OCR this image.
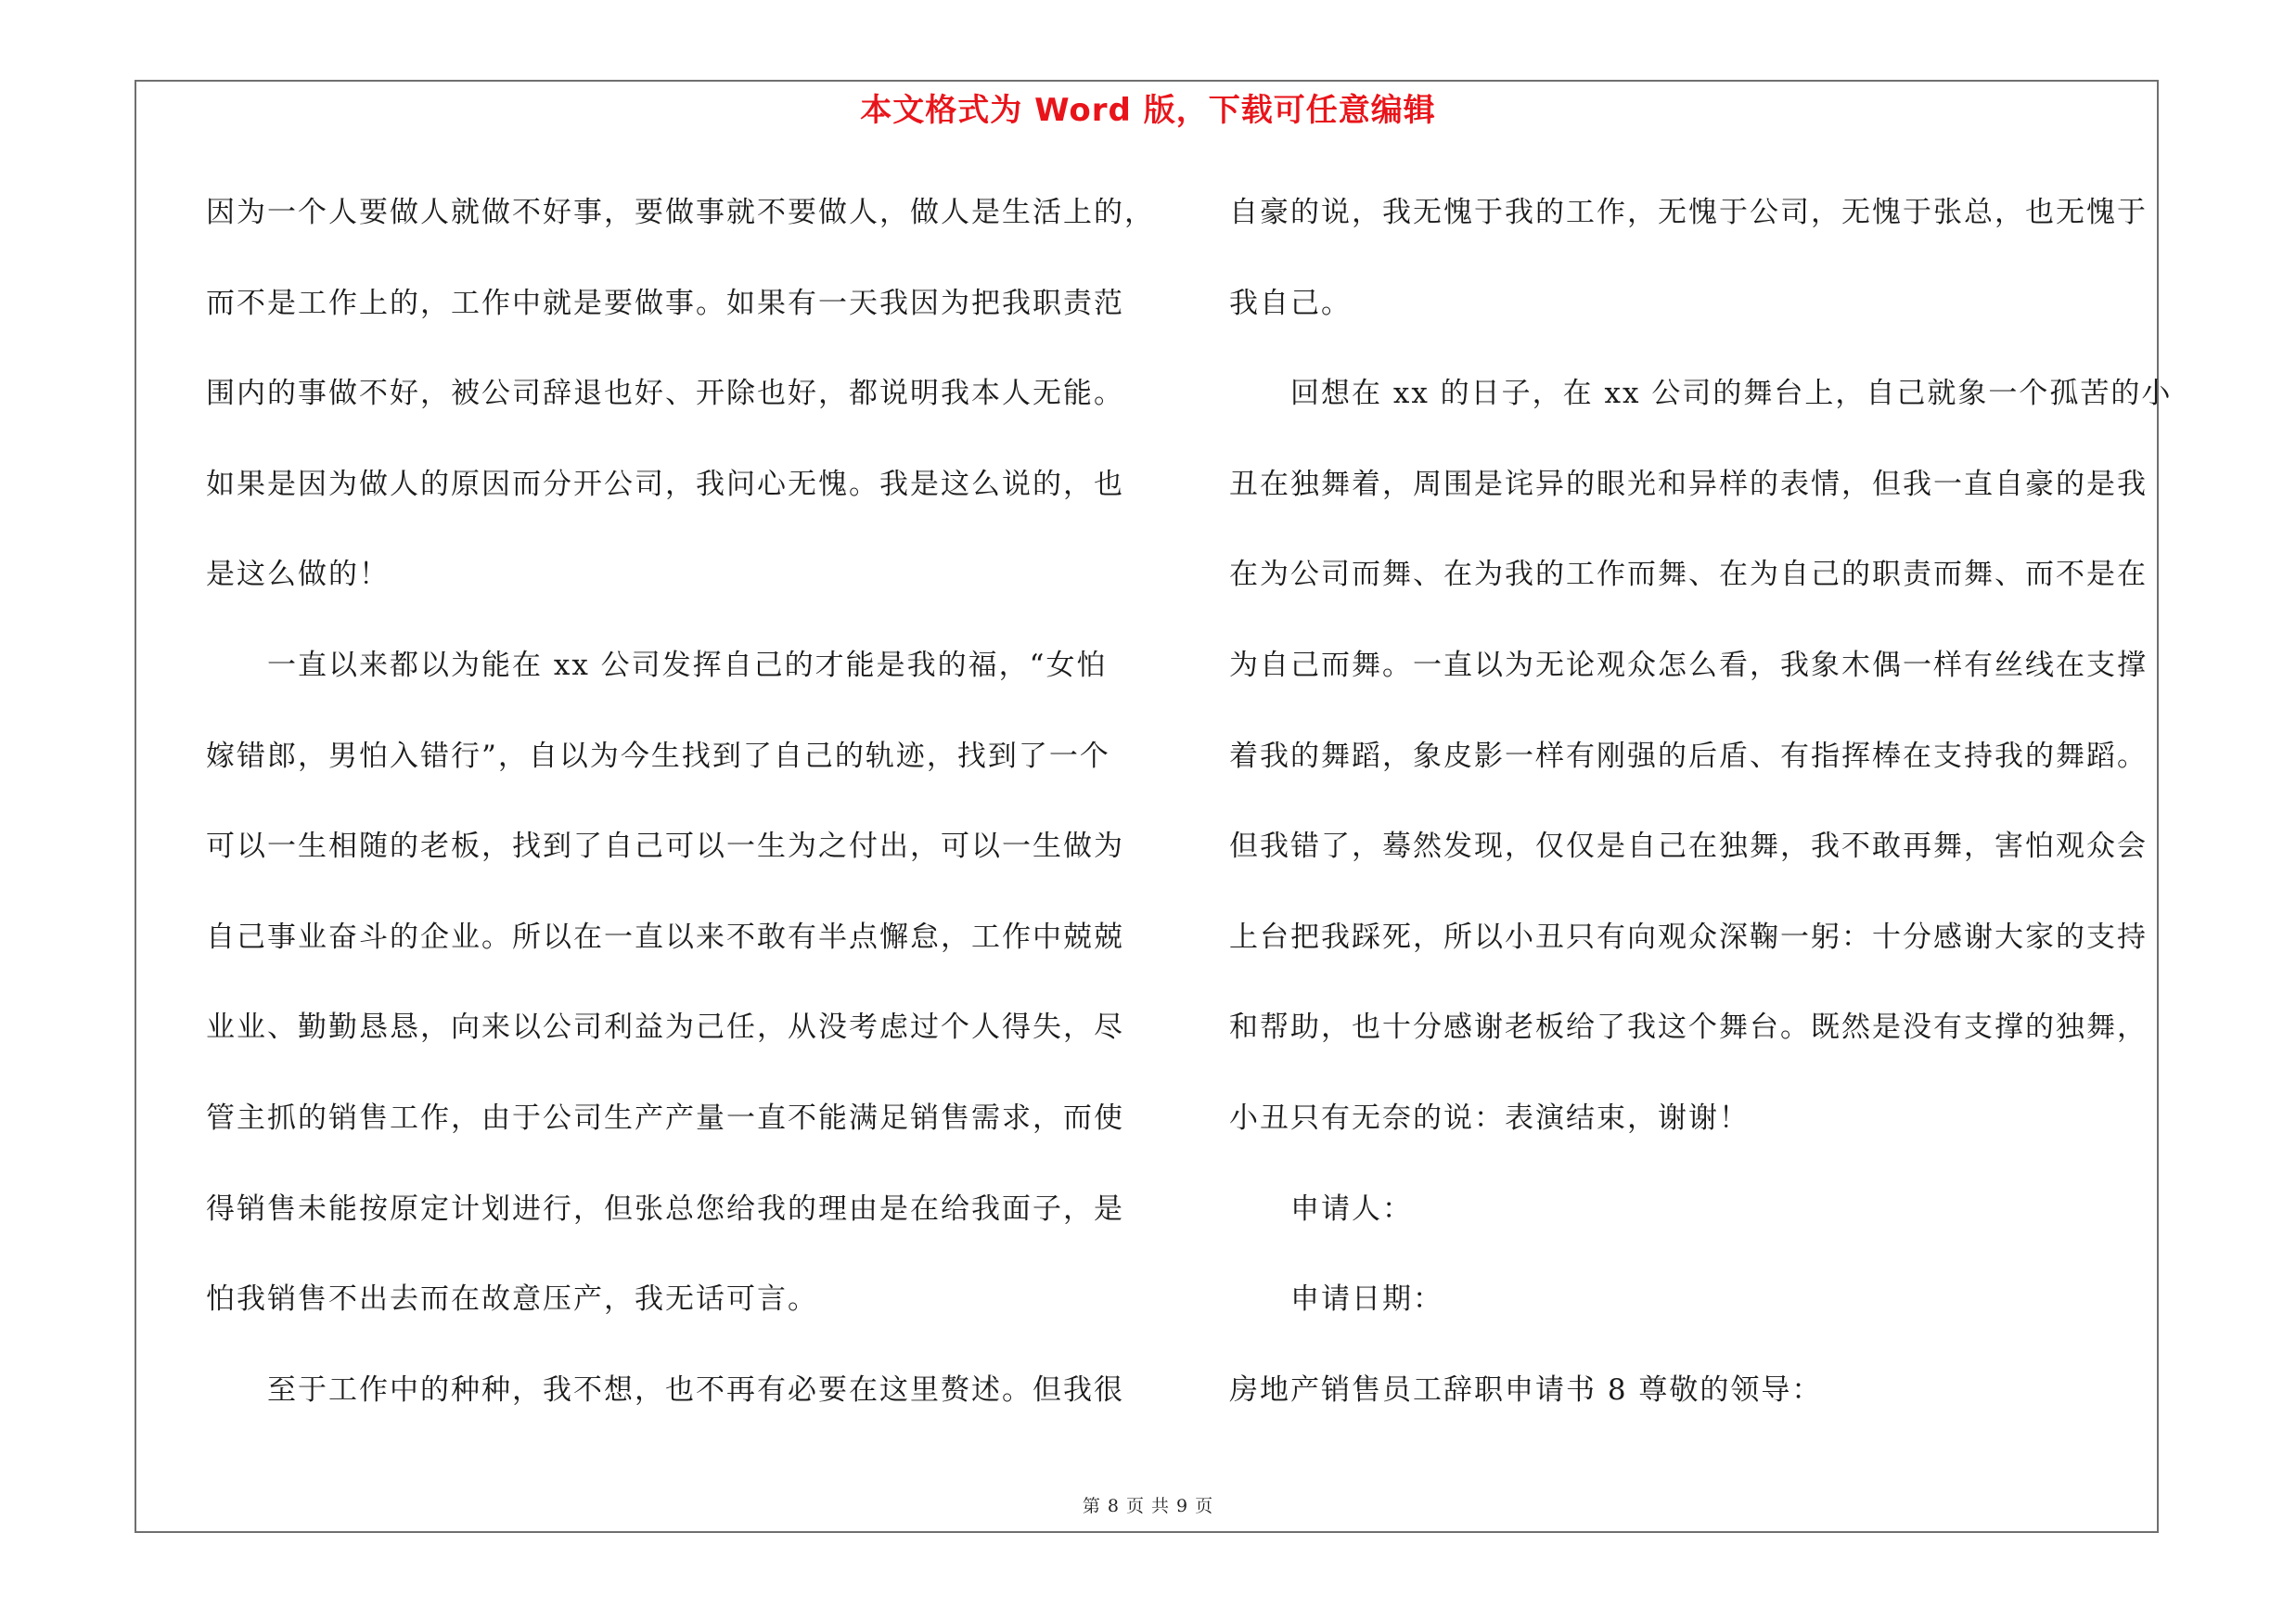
本文格式为 Word 版，下载可任意编辑
因为一个人要做人就做不好事，要做事就不要做人，做人是生活上的，
而不是工作上的，工作中就是要做事。如果有一天我因为把我职责范
围内的事做不好，被公司辞退也好、开除也好，都说明我本人无能。
如果是因为做人的原因而分开公司，我问心无愧。我是这么说的，也
是这么做的！
一直以来都以为能在 xx 公司发挥自己的才能是我的福，“女怕
嫁错郎，男怕入错行”，自以为今生找到了自己的轨迹，找到了一个
可以一生相随的老板，找到了自己可以一生为之付出，可以一生做为
自己事业奋斗的企业。所以在一直以来不敢有半点懈怠，工作中兢兢
业业、勤勤恳恳，向来以公司利益为己任，从没考虑过个人得失，尽
管主抓的销售工作，由于公司生产产量一直不能满足销售需求，而使
得销售未能按原定计划进行，但张总您给我的理由是在给我面子，是
怕我销售不出去而在故意压产，我无话可言。
至于工作中的种种，我不想，也不再有必要在这里赘述。但我很
自豪的说，我无愧于我的工作，无愧于公司，无愧于张总，也无愧于
我自己。
回想在 xx 的日子，在 xx 公司的舞台上，自己就象一个孤苦的小
丑在独舞着，周围是诧异的眼光和异样的表情，但我一直自豪的是我
在为公司而舞、在为我的工作而舞、在为自己的职责而舞、而不是在
为自己而舞。一直以为无论观众怎么看，我象木偶一样有丝线在支撑
着我的舞蹈，象皮影一样有刚强的后盾、有指挥棒在支持我的舞蹈。
但我错了，蓦然发现，仅仅是自己在独舞，我不敢再舞，害怕观众会
上台把我踩死，所以小丑只有向观众深鞠一躬：十分感谢大家的支持
和帮助，也十分感谢老板给了我这个舞台。既然是没有支撑的独舞，
小丑只有无奈的说：表演结束，谢谢！
申请人：
申请日期：
房地产销售员工辞职申请书 8 尊敬的领导：
第 8 页 共 9 页
